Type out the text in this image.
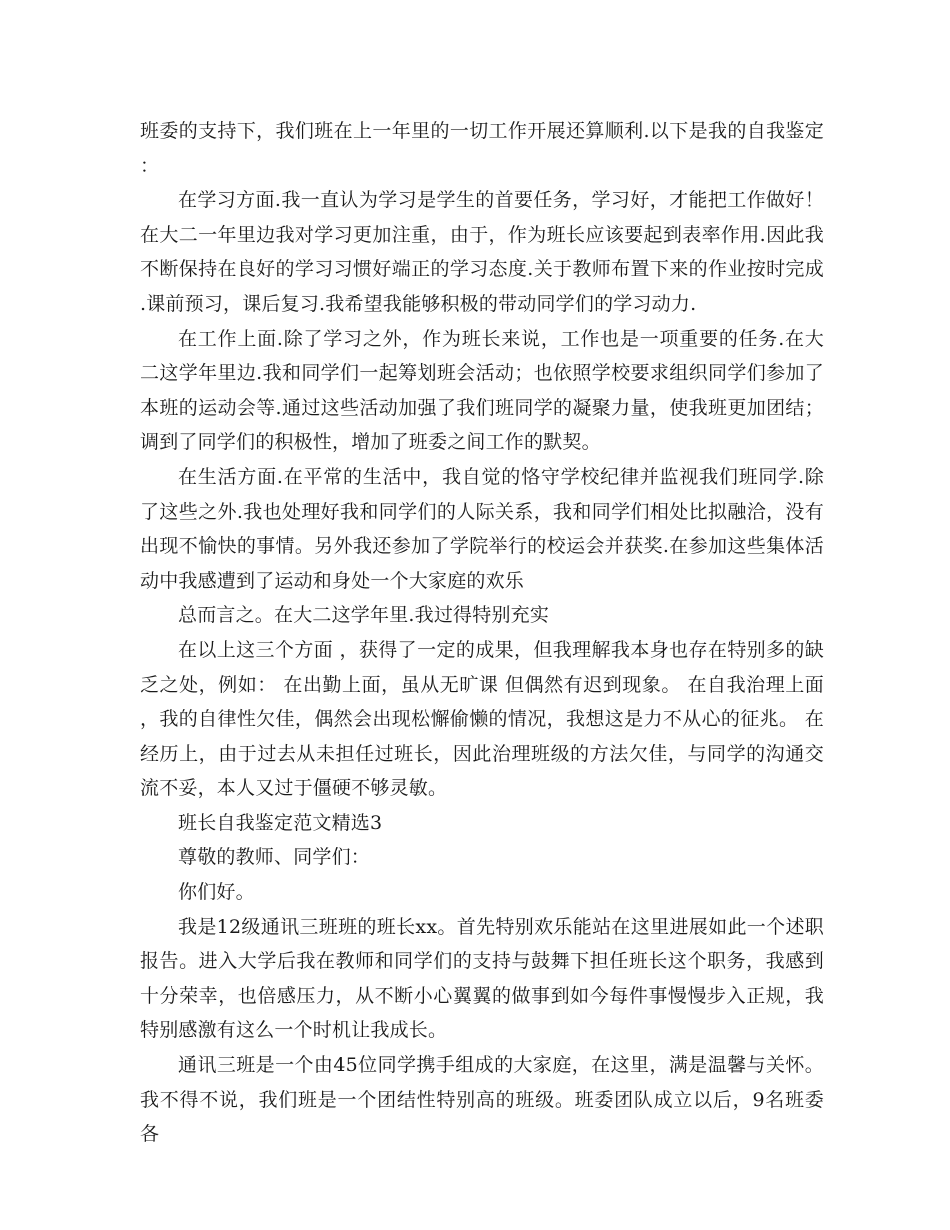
班委的支持下，我们班在上一年里的一切工作开展还算顺利.以下是我的自我鉴定：

在学习方面.我一直认为学习是学生的首要任务，学习好，才能把工作做好！在大二一年里边我对学习更加注重，由于，作为班长应该要起到表率作用.因此我不断保持在良好的学习习惯好端正的学习态度.关于教师布置下来的作业按时完成.课前预习，课后复习.我希望我能够积极的带动同学们的学习动力.

在工作上面.除了学习之外，作为班长来说，工作也是一项重要的任务.在大二这学年里边.我和同学们一起筹划班会活动；也依照学校要求组织同学们参加了本班的运动会等.通过这些活动加强了我们班同学的凝聚力量，使我班更加团结；调到了同学们的积极性，增加了班委之间工作的默契。

在生活方面.在平常的生活中，我自觉的恪守学校纪律并监视我们班同学.除了这些之外.我也处理好我和同学们的人际关系，我和同学们相处比拟融洽，没有出现不愉快的事情。另外我还参加了学院举行的校运会并获奖.在参加这些集体活动中我感遭到了运动和身处一个大家庭的欢乐

总而言之。在大二这学年里.我过得特别充实

在以上这三个方面 ，获得了一定的成果，但我理解我本身也存在特别多的缺乏之处，例如： 在出勤上面，虽从无旷课 但偶然有迟到现象。 在自我治理上面，我的自律性欠佳，偶然会出现松懈偷懒的情况，我想这是力不从心的征兆。 在经历上，由于过去从未担任过班长，因此治理班级的方法欠佳，与同学的沟通交流不妥，本人又过于僵硬不够灵敏。

班长自我鉴定范文精选3

尊敬的教师、同学们：

你们好。

我是12级通讯三班班的班长xx。首先特别欢乐能站在这里进展如此一个述职报告。进入大学后我在教师和同学们的支持与鼓舞下担任班长这个职务，我感到十分荣幸，也倍感压力，从不断小心翼翼的做事到如今每件事慢慢步入正规，我特别感激有这么一个时机让我成长。

通讯三班是一个由45位同学携手组成的大家庭，在这里，满是温馨与关怀。我不得不说，我们班是一个团结性特别高的班级。班委团队成立以后，9名班委各
